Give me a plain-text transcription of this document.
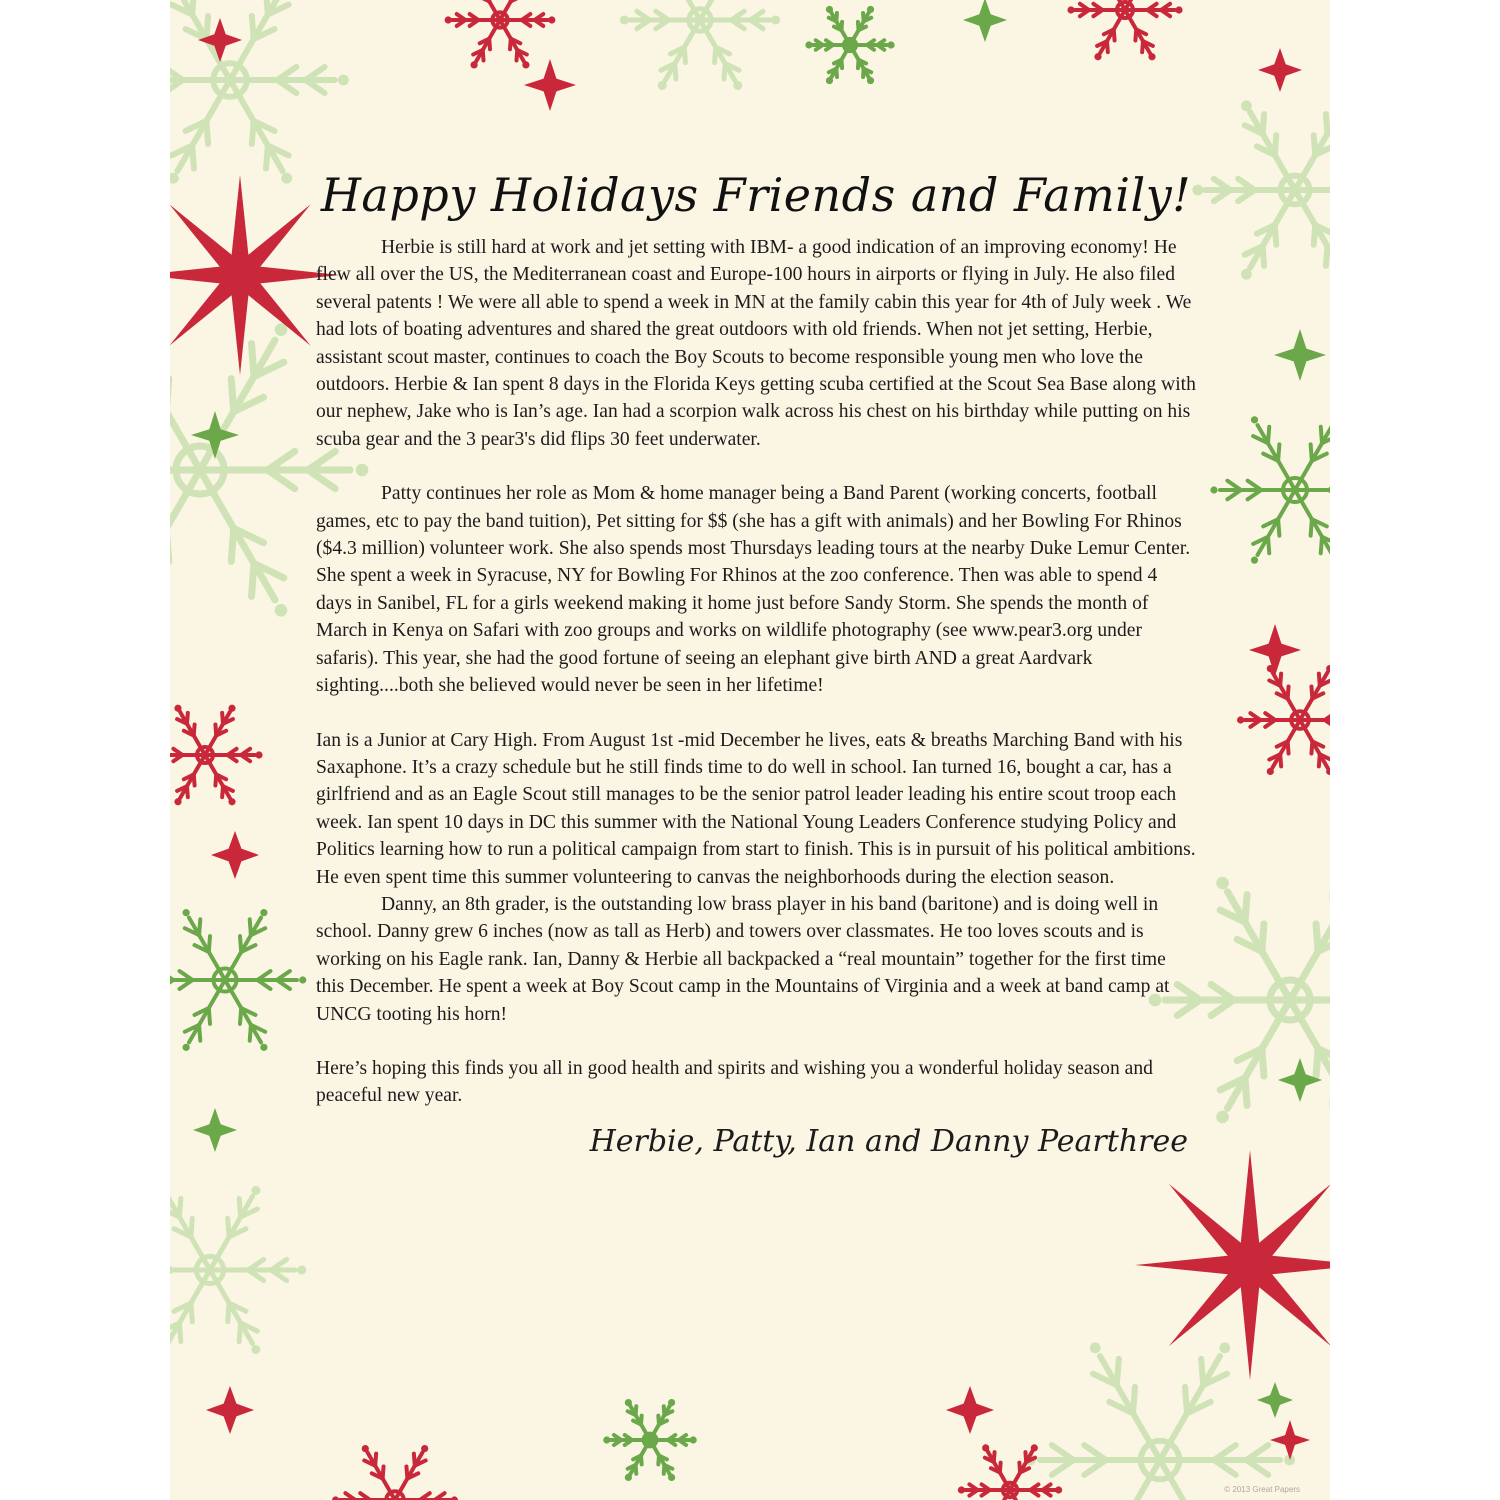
Happy Holidays Friends and Family!

Herbie is still hard at work and jet setting with IBM- a good indication of an improving economy! He flew all over the US, the Mediterranean coast and Europe-100 hours in airports or flying in July. He also filed several patents ! We were all able to spend a week in MN at the family cabin this year for 4th of July week . We had lots of boating adventures and shared the great outdoors with old friends. When not jet setting, Herbie, assistant scout master, continues to coach the Boy Scouts to become responsible young men who love the outdoors. Herbie & Ian spent 8 days in the Florida Keys getting scuba certified at the Scout Sea Base along with our nephew, Jake who is Ian’s age. Ian had a scorpion walk across his chest on his birthday while putting on his scuba gear and the 3 pear3's did flips 30 feet underwater.

Patty continues her role as Mom & home manager being a Band Parent (working concerts, football games, etc to pay the band tuition), Pet sitting for $$ (she has a gift with animals) and her Bowling For Rhinos ($4.3 million) volunteer work. She also spends most Thursdays leading tours at the nearby Duke Lemur Center. She spent a week in Syracuse, NY for Bowling For Rhinos at the zoo conference. Then was able to spend 4 days in Sanibel, FL for a girls weekend making it home just before Sandy Storm. She spends the month of March in Kenya on Safari with zoo groups and works on wildlife photography (see www.pear3.org under safaris). This year, she had the good fortune of seeing an elephant give birth AND a great Aardvark sighting....both she believed would never be seen in her lifetime!

Ian is a Junior at Cary High. From August 1st -mid December he lives, eats & breaths Marching Band with his Saxaphone. It’s a crazy schedule but he still finds time to do well in school. Ian turned 16, bought a car, has a girlfriend and as an Eagle Scout still manages to be the senior patrol leader leading his entire scout troop each week. Ian spent 10 days in DC this summer with the National Young Leaders Conference studying Policy and Politics learning how to run a political campaign from start to finish. This is in pursuit of his political ambitions. He even spent time this summer volunteering to canvas the neighborhoods during the election season.

Danny, an 8th grader, is the outstanding low brass player in his band (baritone) and is doing well in school. Danny grew 6 inches (now as tall as Herb) and towers over classmates. He too loves scouts and is working on his Eagle rank. Ian, Danny & Herbie all backpacked a “real mountain” together for the first time this December. He spent a week at Boy Scout camp in the Mountains of Virginia and a week at band camp at UNCG tooting his horn!

Here’s hoping this finds you all in good health and spirits and wishing you a wonderful holiday season and peaceful new year.

Herbie, Patty, Ian and Danny Pearthree
© 2013 Great Papers
